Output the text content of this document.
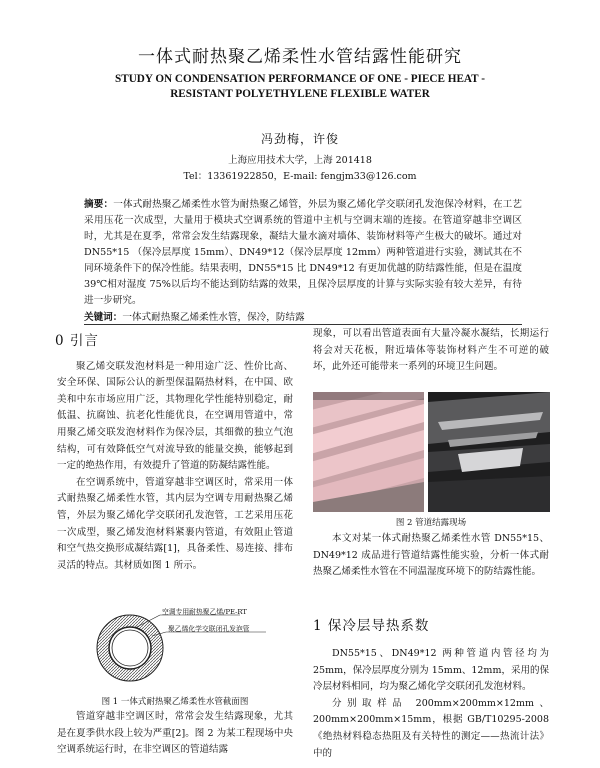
一体式耐热聚乙烯柔性水管结露性能研究
STUDY ON CONDENSATION PERFORMANCE OF ONE - PIECE HEAT -
RESISTANT POLYETHYLENE FLEXIBLE WATER
冯劲梅，许俊
上海应用技术大学，上海 201418
Tel：13361922850，E-mail: fengjm33@126.com
摘要：一体式耐热聚乙烯柔性水管为耐热聚乙烯管，外层为聚乙烯化学交联闭孔发泡保冷材料，在工艺采用压花一次成型，大量用于模块式空调系统的管道中主机与空调末端的连接。在管道穿越非空调区时，尤其是在夏季，常常会发生结露现象，凝结大量水滴对墙体、装饰材料等产生极大的破坏。通过对 DN55*15 （保冷层厚度 15mm）、DN49*12（保冷层厚度 12mm）两种管道进行实验，测试其在不同环境条件下的保冷性能。结果表明，DN55*15 比 DN49*12 有更加优越的防结露性能，但是在温度 39℃相对湿度 75%以后均不能达到防结露的效果，且保冷层厚度的计算与实际实验有较大差异，有待进一步研究。
关键词：一体式耐热聚乙烯柔性水管，保冷，防结露
0 引言

聚乙烯交联发泡材料是一种用途广泛、性价比高、安全环保、国际公认的新型保温隔热材料，在中国、欧美和中东市场应用广泛，其物理化学性能特别稳定，耐低温、抗腐蚀、抗老化性能优良，在空调用管道中，常用聚乙烯交联发泡材料作为保冷层，其细微的独立气泡结构，可有效降低空气对流导致的能量交换，能够起到一定的绝热作用，有效提升了管道的防凝结露性能。

在空调系统中，管道穿越非空调区时，常采用一体式耐热聚乙烯柔性水管，其内层为空调专用耐热聚乙烯管，外层为聚乙烯化学交联闭孔发泡管，工艺采用压花一次成型，聚乙烯发泡材料紧裹内管道，有效阻止管道和空气热交换形成凝结露[1]，具备柔性、易连接、排布灵活的特点。其材质如图 1 所示。

空调专用耐热聚乙烯/PE-RT
聚乙烯化学交联闭孔发泡管
图 1 一体式耐热聚乙烯柔性水管截面图

管道穿越非空调区时，常常会发生结露现象，尤其是在夏季供水段上较为严重[2]。图 2 为某工程现场中央空调系统运行时，在非空调区的管道结露

现象，可以看出管道表面有大量冷凝水凝结，长期运行将会对天花板，附近墙体等装饰材料产生不可逆的破坏，此外还可能带来一系列的环境卫生问题。

图 2 管道结露现场

本文对某一体式耐热聚乙烯柔性水管 DN55*15、DN49*12 成品进行管道结露性能实验，分析一体式耐热聚乙烯柔性水管在不同温湿度环境下的防结露性能。

1 保冷层导热系数

DN55*15、DN49*12 两种管道内管径均为 25mm，保冷层厚度分别为 15mm、12mm，采用的保冷层材料相同，均为聚乙烯化学交联闭孔发泡材料。

分别取样品 200mm×200mm×12mm、200mm×200mm×15mm，根据 GB/T10295-2008《绝热材料稳态热阻及有关特性的测定——热流计法》中的
